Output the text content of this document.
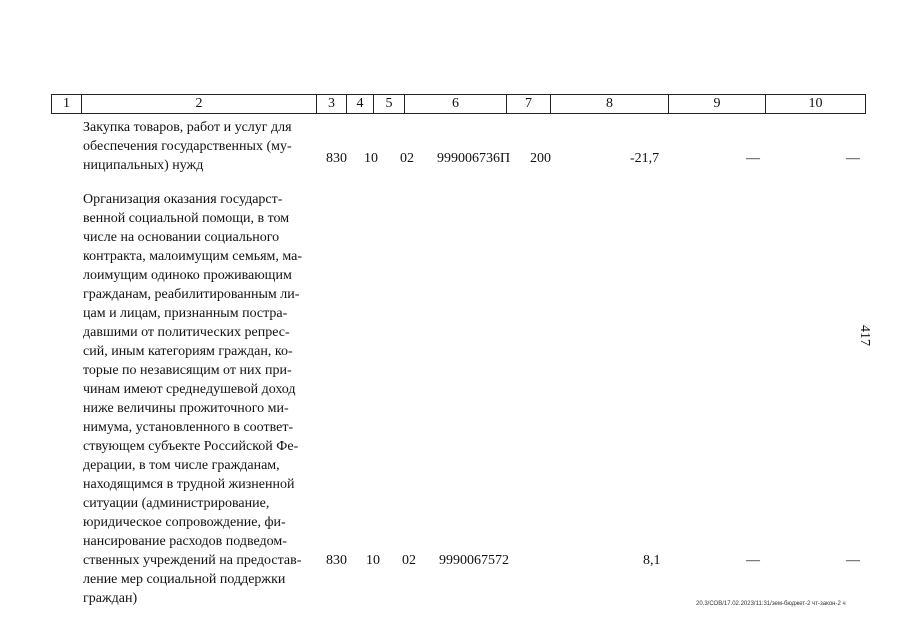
1	2	3	4	5	6	7	8	9	10
Закупка товаров, работ и услуг для
обеспечения государственных (му-
ниципальных) нужд	830 10 02 999006736П 200	-21,7	—	—
Организация оказания государст-
венной социальной помощи, в том
числе на основании социального
контракта, малоимущим семьям, ма-
лоимущим одиноко проживающим
гражданам, реабилитированным ли-
цам и лицам, признанным постра-
давшими от политических репрес-
сий, иным категориям граждан, ко-
торые по независящим от них при-
чинам имеют среднедушевой доход
ниже величины прожиточного ми-
нимума, установленного в соответ-
ствующем субъекте Российской Фе-
дерации, в том числе гражданам,
находящимся в трудной жизненной
ситуации (администрирование,
юридическое сопровождение, фи-
нансирование расходов подведом-
ственных учреждений на предостав-
ление мер социальной поддержки
граждан)
830 10 02 9990067572	8,1	—	—
417
20.3/СОВ/17.02.2023/11:31/зем-бюджет-2 чт-закон-2 ч
